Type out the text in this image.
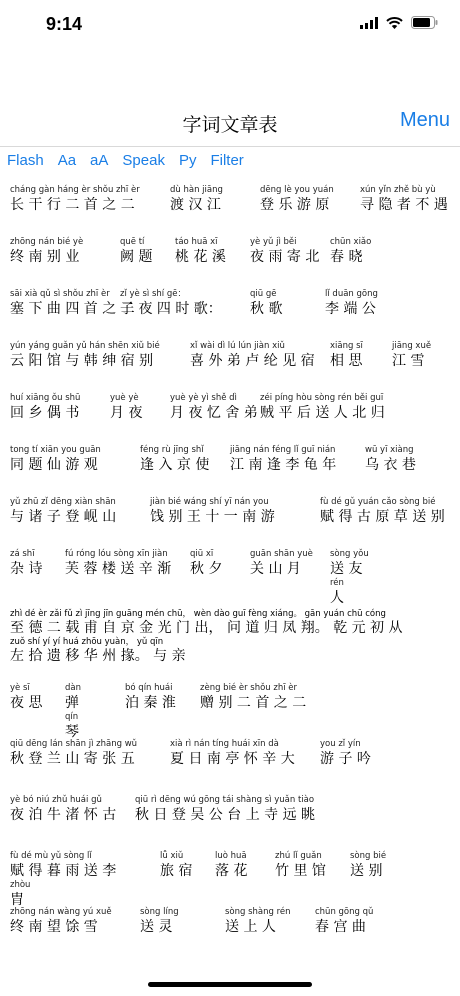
9:14
字词文章表	Menu
Flash Aa aA Speak Py Filter
cháng gàn háng èr shǒu zhī èr
长 干 行 二 首 之 二
dù hàn jiāng
渡 汉 江
dēng lè you yuán
登 乐 游 原
xún yǐn zhě bù yù
寻 隐 者 不 遇
zhōng nán bié yè
终 南 别 业
quē tí
阙 题
táo huā xī
桃 花 溪
yè yǔ jì běi
夜 雨 寄 北
chūn xiǎo
春 晓
sāi xià qǔ sì shǒu zhī èr
塞 下 曲 四 首 之 二
zǐ yè sì shí gē：
子 夜 四 时 歌：
qiū gē
秋 歌
lǐ duān gōng
李 端 公
yún yáng guǎn yǔ hán shēn xiǔ bié
云 阳 馆 与 韩 绅 宿 别
xǐ wài dì lú lún jiàn xiǔ
喜 外 弟 卢 纶 见 宿
xiāng sī
相 思
jiāng xuě
江 雪
huí xiāng ǒu shū
回 乡 偶 书
yuè yè
月 夜
yuè yè yì shě dì
月 夜 忆 舍 弟
zéi píng hòu sòng rén běi guī
贼 平 后 送 人 北 归
tong tí xiān you guān
同 题 仙 游 观
féng rù jīng shǐ
逢 入 京 使
jiāng nán féng lǐ guī nián
江 南 逢 李 龟 年
wū yī xiàng
乌 衣 巷
yǔ zhū zǐ dēng xiàn shān
与 诸 子 登 岘 山
jiàn bié wáng shí yī nán you
饯 别 王 十 一 南 游
fù dé gǔ yuán cǎo sòng bié
赋 得 古 原 草 送 别
zá shī
杂 诗
fú róng lóu sòng xīn jiàn
芙 蓉 楼 送 辛 渐
qiū xī
秋 夕
guān shān yuè
关 山 月
sòng yǒu
送 友
rén
人
zhì dé èr zǎi fǔ zì jīng jīn guāng mén chū， wèn dào guī fèng xiáng。 gān yuán chū cóng
至 德 二 载 甫 自 京 金 光 门 出， 问 道 归 凤 翔。 乾 元 初 从
zuǒ shí yí yí huá zhōu yuàn， yǔ qīn
左 拾 遗 移 华 州 掾。 与 亲
yè sī
夜 思
dàn
弹
qín
琴
bó qín huái
泊 秦 淮
zèng bié èr shǒu zhī èr
赠 别 二 首 之 二
qiū dēng lán shān jì zhāng wǔ
秋 登 兰 山 寄 张 五
xià rì nán tíng huái xīn dà
夏 日 南 亭 怀 辛 大
you zǐ yín
游 子 吟
yè bó niú zhǔ huái gǔ
夜 泊 牛 渚 怀 古
qiū rì dēng wú gōng tái shàng sì yuǎn tiào
秋 日 登 吴 公 台 上 寺 远 眺
fù dé mù yǔ sòng lǐ
赋 得 暮 雨 送 李
zhòu
胄
lǚ xiǔ
旅 宿
luò huā
落 花
zhú lǐ guǎn
竹 里 馆
sòng bié
送 别
zhōng nán wàng yú xuě
终 南 望 馀 雪
sòng líng
送 灵
sòng shàng rén
送 上 人
chūn gōng qǔ
春 宫 曲
